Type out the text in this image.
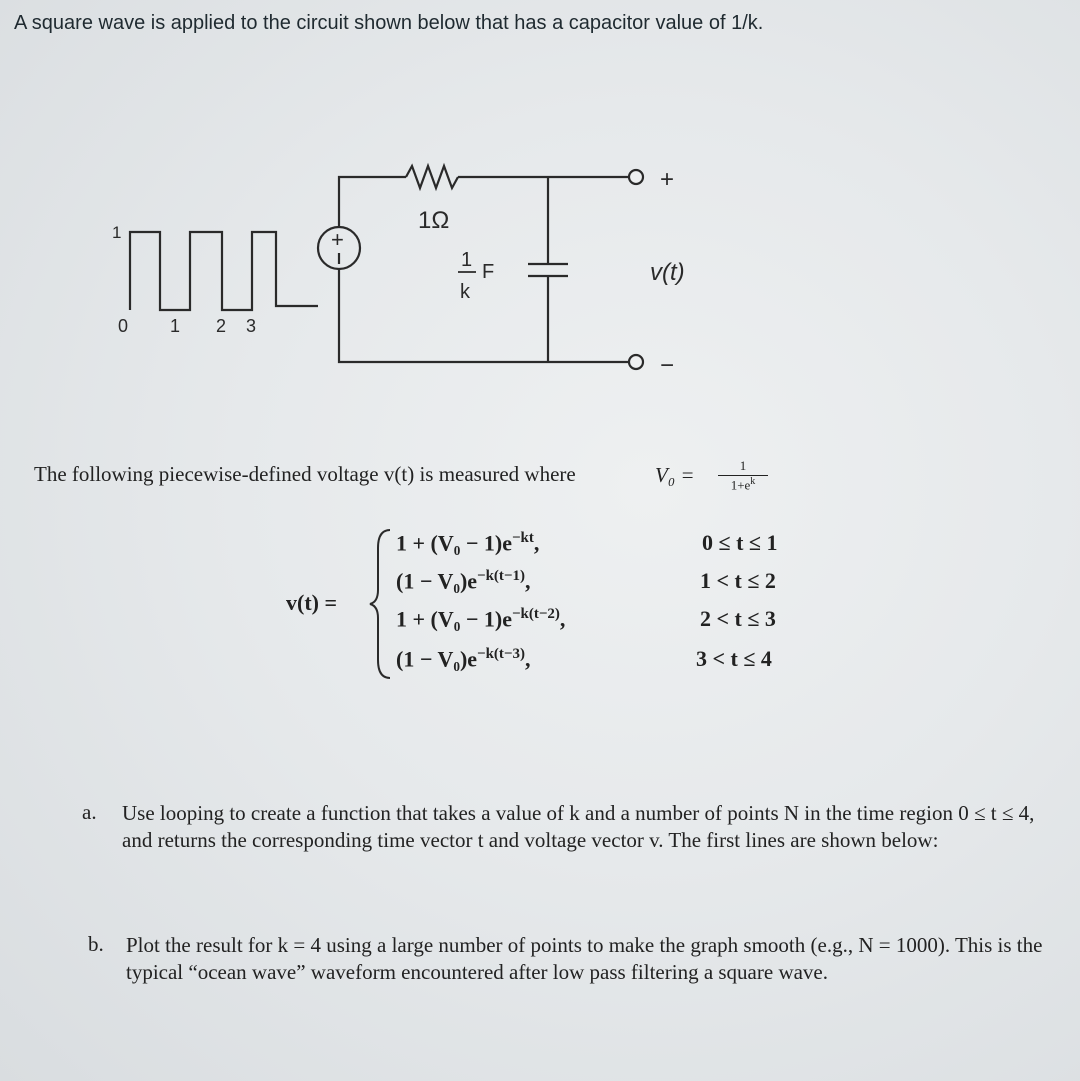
A square wave is applied to the circuit shown below that has a capacitor value of 1/k.
1
0 1 2 3
+
1Ω
1
k
F
+
−
v(t)
The following piecewise-defined voltage v(t) is measured where	$V_0 = \frac{1}{1+e^k}$
v(t) =
$1 + (V_0 - 1)e^{-kt}$,
$(1 - V_0)e^{-k(t-1)}$,
$1 + (V_0 - 1)e^{-k(t-2)}$,
$(1 - V_0)e^{-k(t-3)}$,
0 ≤ t ≤ 1
1 < t ≤ 2
2 < t ≤ 3
3 < t ≤ 4
a. Use looping to create a function that takes a value of k and a number of points N in the time region 0 ≤ t ≤ 4, and returns the corresponding time vector t and voltage vector v. The first lines are shown below:
b. Plot the result for k = 4 using a large number of points to make the graph smooth (e.g., N = 1000). This is the typical “ocean wave” waveform encountered after low pass filtering a square wave.
